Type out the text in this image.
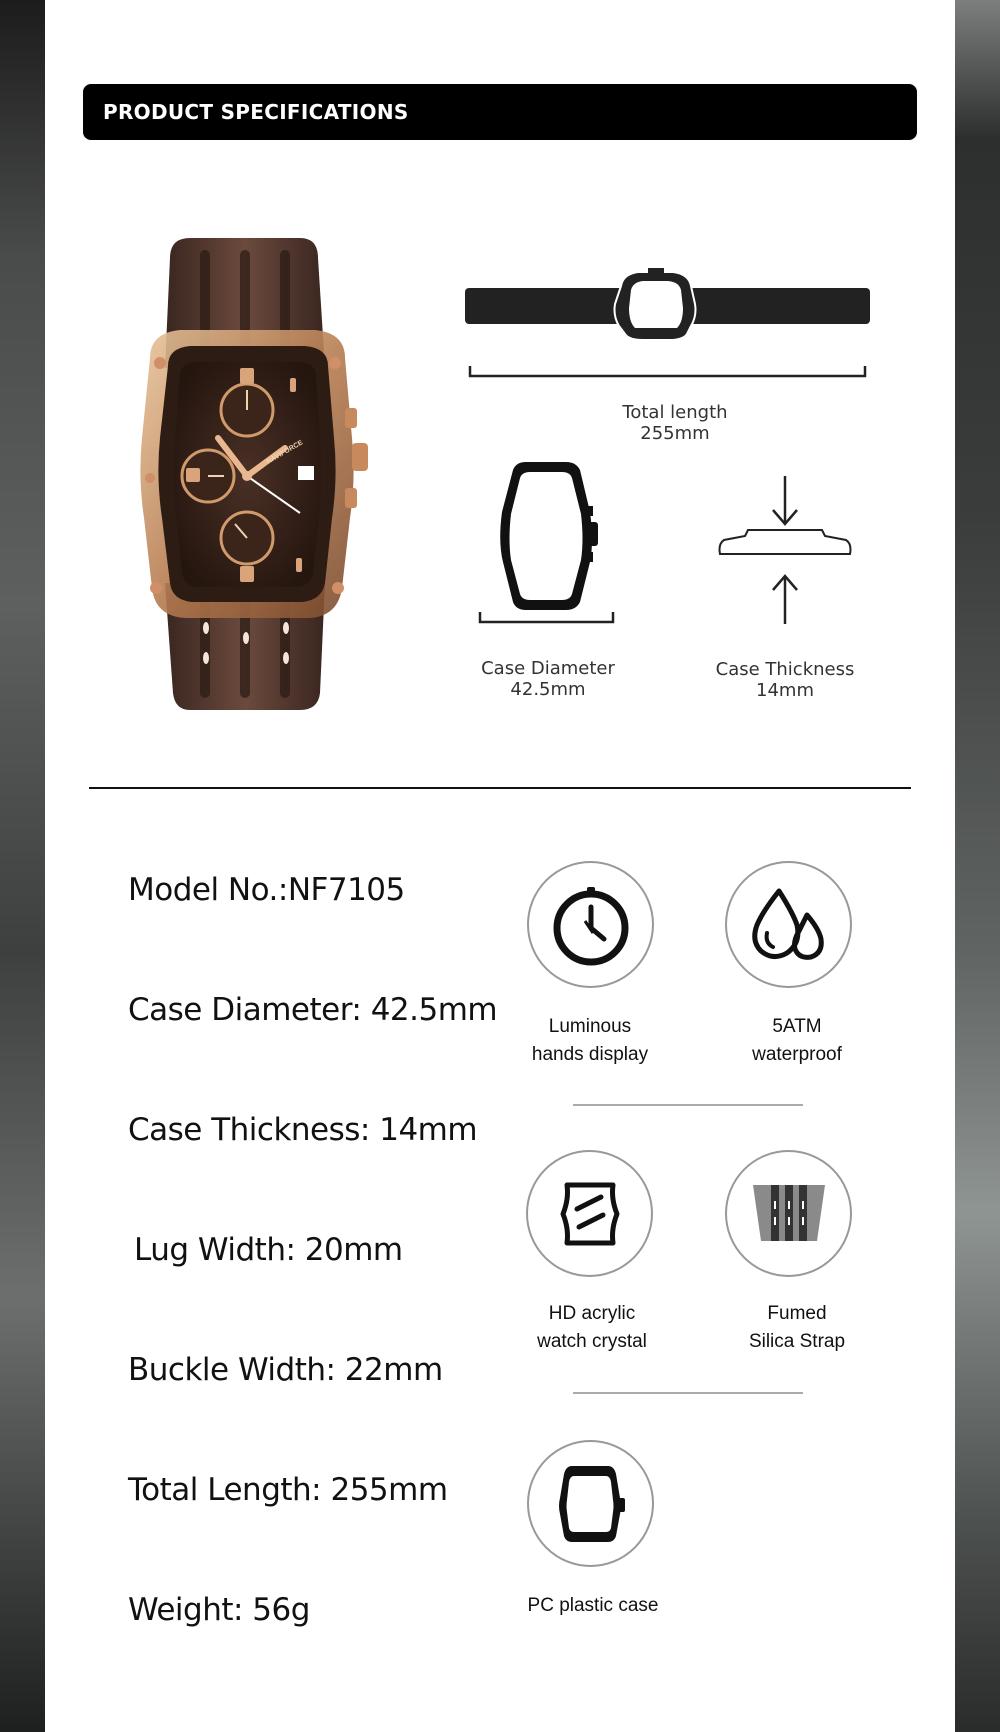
PRODUCT SPECIFICATIONS
NAVIFORCE
Total length
255mm
Case Diameter
42.5mm
Case Thickness
14mm
Model No.:NF7105
Case Diameter: 42.5mm
Case Thickness: 14mm
Lug Width: 20mm
Buckle Width: 22mm
Total Length: 255mm
Weight: 56g
Luminous
hands display
5ATM
waterproof
HD acrylic
watch crystal
Fumed
Silica Strap
PC plastic case
